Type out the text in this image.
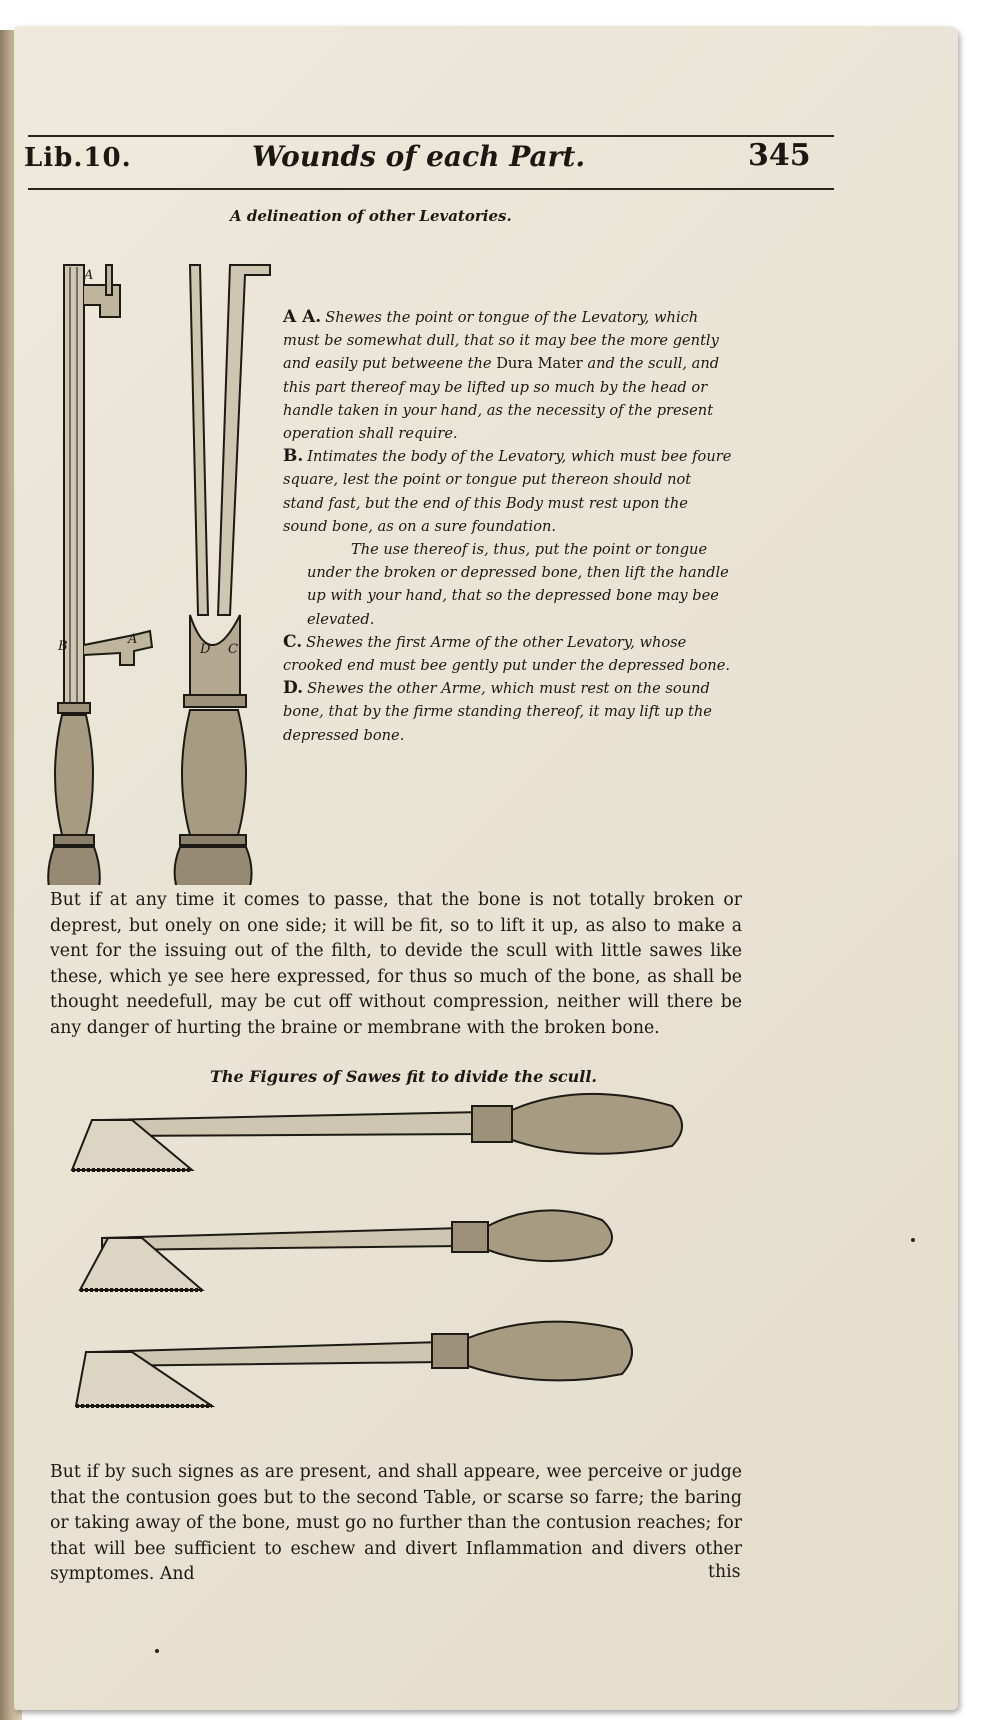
Lib.10.	Wounds of each Part.	345
A delineation of other Levatories.
A
B	A
D C

A A. Shewes the point or tongue of the Levatory, which must be somewhat dull, that so it may bee the more gently and easily put betweene the Dura Mater and the scull, and this part thereof may be lifted up so much by the head or handle taken in your hand, as the necessity of the present operation shall require.

B. Intimates the body of the Levatory, which must bee foure square, lest the point or tongue put thereon should not stand fast, but the end of this Body must rest upon the sound bone, as on a sure foundation.

The use thereof is, thus, put the point or tongue under the broken or depressed bone, then lift the handle up with your hand, that so the depressed bone may bee elevated.

C. Shewes the first Arme of the other Levatory, whose crooked end must bee gently put under the depressed bone.

D. Shewes the other Arme, which must rest on the sound bone, that by the firme standing thereof, it may lift up the depressed bone.

But if at any time it comes to passe, that the bone is not totally broken or deprest, but onely on one side; it will be fit, so to lift it up, as also to make a vent for the issuing out of the filth, to devide the scull with little sawes like these, which ye see here expressed, for thus so much of the bone, as shall be thought needefull, may be cut off without compression, neither will there be any danger of hurting the braine or membrane with the broken bone.

The Figures of Sawes fit to divide the scull.

But if by such signes as are present, and shall appeare, wee perceive or judge that the contusion goes but to the second Table, or scarse so farre; the baring or taking away of the bone, must go no further than the contusion reaches; for that will bee sufficient to eschew and divert Inflammation and divers other symptomes. And	this
